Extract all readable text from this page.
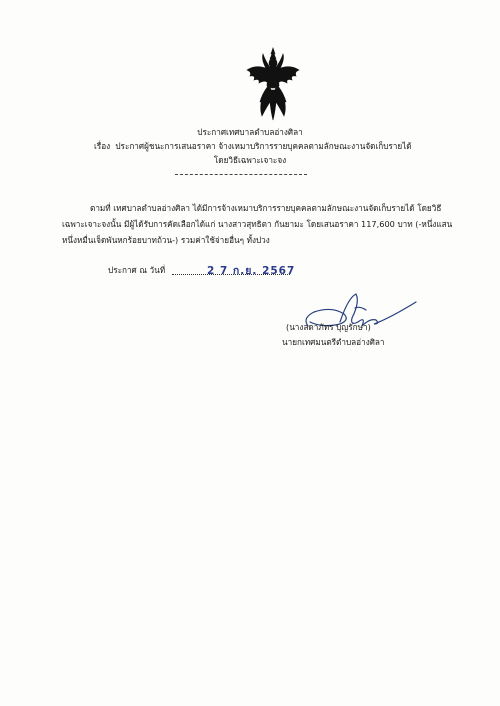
ประกาศเทศบาลตำบลอ่างศิลา
เรื่อง ประกาศผู้ชนะการเสนอราคา จ้างเหมาบริการรายบุคคลตามลักษณะงานจัดเก็บรายได้
โดยวิธีเฉพาะเจาะจง
ตามที่ เทศบาลตำบลอ่างศิลา ได้มีการจ้างเหมาบริการรายบุคคลตามลักษณะงานจัดเก็บรายได้ โดยวิธี
เฉพาะเจาะจงนั้น มีผู้ได้รับการคัดเลือกได้แก่ นางสาวสุทธิตา กันยามะ โดยเสนอราคา 117,600 บาท (-หนึ่งแสน
หนึ่งหมื่นเจ็ดพันหกร้อยบาทถ้วน-) รวมค่าใช้จ่ายอื่นๆ ทั้งปวง
ประกาศ ณ วันที่	2 7 ก.ย. 2567
(นางลดาภัทร บุญรักษา)
นายกเทศมนตรีตำบลอ่างศิลา
